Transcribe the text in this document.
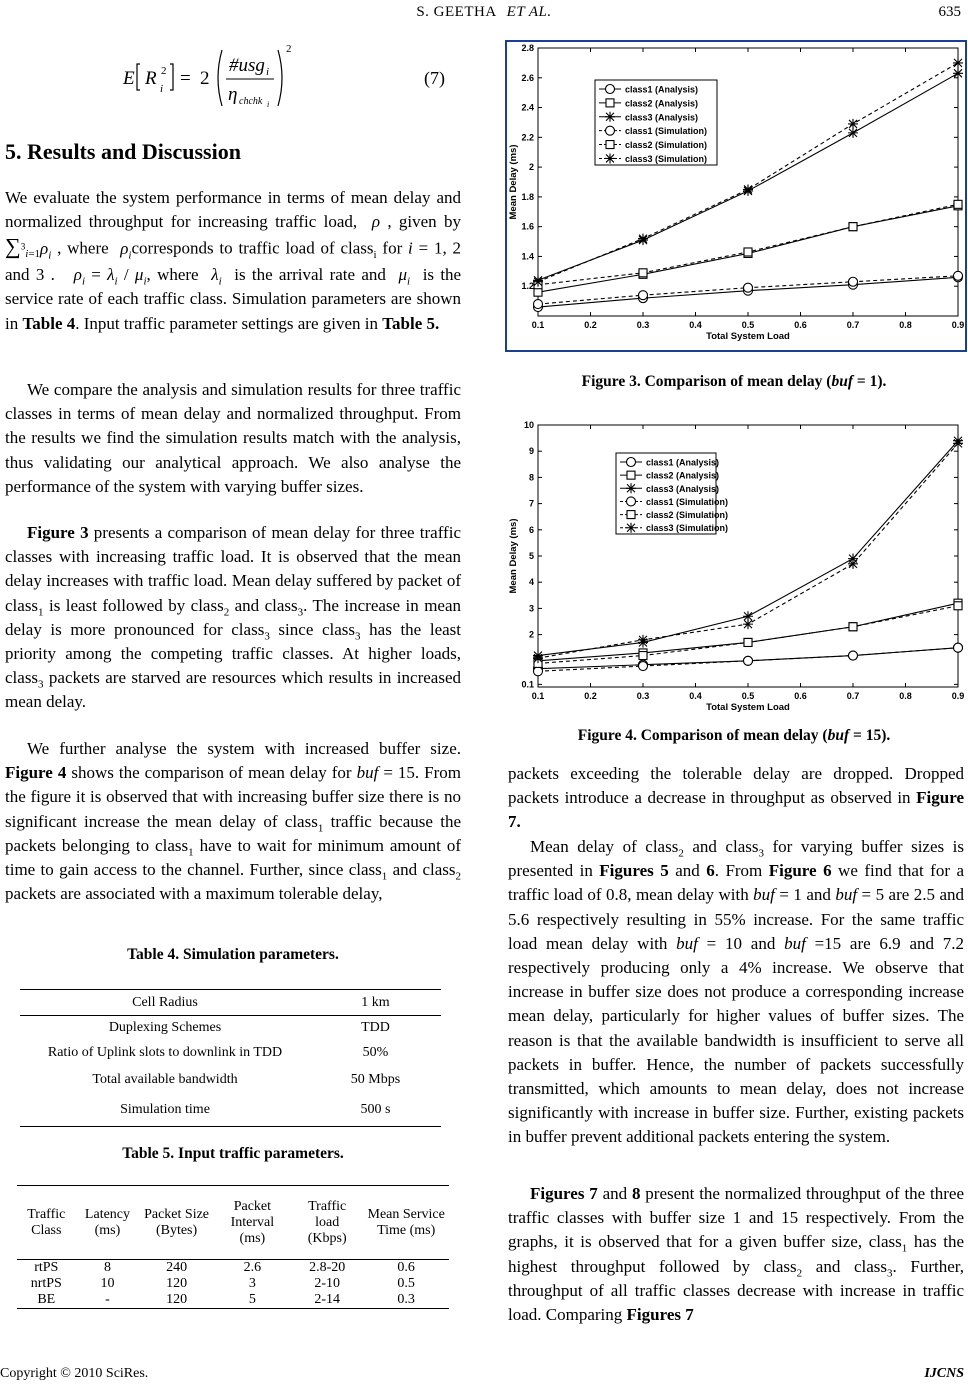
S. GEETHA ET AL.	635
E R 2
i = 2
#usg i
η chchk i
2
(7)
5. Results and Discussion

We evaluate the system performance in terms of mean delay and normalized throughput for increasing traffic load, ρ , given by $\sum^3_{i=1}\rho_i$ , where $\rho_icorresponds$ to traffic load of class$_i$ for i = 1, 2 and 3 .   $\rho_i = \lambda_i / \mu_i$, where $\lambda_i$ is the arrival rate and $\mu_i$ is the service rate of each traffic class. Simulation parameters are shown in Table 4. Input traffic parameter settings are given in Table 5.

We compare the analysis and simulation results for three traffic classes in terms of mean delay and normalized throughput. From the results we find the simulation results match with the analysis, thus validating our analytical approach. We also analyse the performance of the system with varying buffer sizes.

Figure 3 presents a comparison of mean delay for three traffic classes with increasing traffic load. It is observed that the mean delay increases with traffic load. Mean delay suffered by packet of class$_1$ is least followed by class$_2$ and class$_3$. The increase in mean delay is more pronounced for class$_3$ since class$_3$ has the least priority among the competing traffic classes. At higher loads, class$_3$ packets are starved are resources which results in increased mean delay.

We further analyse the system with increased buffer size. Figure 4 shows the comparison of mean delay for buf = 15. From the figure it is observed that with increasing buffer size there is no significant increase the mean delay of class$_1$ traffic because the packets belonging to class$_1$ have to wait for minimum amount of time to gain access to the channel. Further, since class$_1$ and class$_2$ packets are associated with a maximum tolerable delay,

Table 4. Simulation parameters.
Cell Radius	1 km
Duplexing Schemes	TDD
Ratio of Uplink slots to downlink in TDD	50%
Total available bandwidth	50 Mbps
Simulation time	500 s
Table 5. Input traffic parameters.
Traffic Class	Latency (ms)	Packet Size (Bytes)	Packet Interval (ms)	Traffic load (Kbps)	Mean Service Time (ms)
rtPS	8	240	2.6	2.8-20	0.6
nrtPS	10	120	3	2-10	0.5
BE	-	120	5	2-14	0.3
0.1	0.2	0.3	0.4	0.5	0.6	0.7	0.8	0.9
1.2
1.4
1.6
1.8
2
2.2
2.4
2.6
2.8
Total System Load
Mean Delay (ms)
class1 (Analysis)
class2 (Analysis)
class3 (Analysis)
class1 (Simulation)
class2 (Simulation)
class3 (Simulation)
Figure 3. Comparison of mean delay (buf = 1).
0.1	0.2	0.3	0.4	0.5	0.6	0.7	0.8	0.9
0.1
2
3
4
5
6
7
8
9
10
Total System Load
Mean Delay (ms)
class1 (Analysis)
class2 (Analysis)
class3 (Analysis)
class1 (Simulation)
class2 (Simulation)
class3 (Simulation)
Figure 4. Comparison of mean delay (buf = 15).

packets exceeding the tolerable delay are dropped. Dropped packets introduce a decrease in throughput as observed in Figure 7.

Mean delay of class$_2$ and class$_3$ for varying buffer sizes is presented in Figures 5 and 6. From Figure 6 we find that for a traffic load of 0.8, mean delay with buf = 1 and buf = 5 are 2.5 and 5.6 respectively resulting in 55% increase. For the same traffic load mean delay with buf = 10 and buf =15 are 6.9 and 7.2 respectively producing only a 4% increase. We observe that increase in buffer size does not produce a corresponding increase mean delay, particularly for higher values of buffer sizes. The reason is that the available bandwidth is insufficient to serve all packets in buffer. Hence, the number of packets successfully transmitted, which amounts to mean delay, does not increase significantly with increase in buffer size. Further, existing packets in buffer prevent additional packets entering the system.

Figures 7 and 8 present the normalized throughput of the three traffic classes with buffer size 1 and 15 respectively. From the graphs, it is observed that for a given buffer size, class$_1$ has the highest throughput followed by class$_2$ and class$_3$. Further, throughput of all traffic classes decrease with increase in traffic load. Comparing Figures 7

Copyright © 2010 SciRes.	IJCNS
